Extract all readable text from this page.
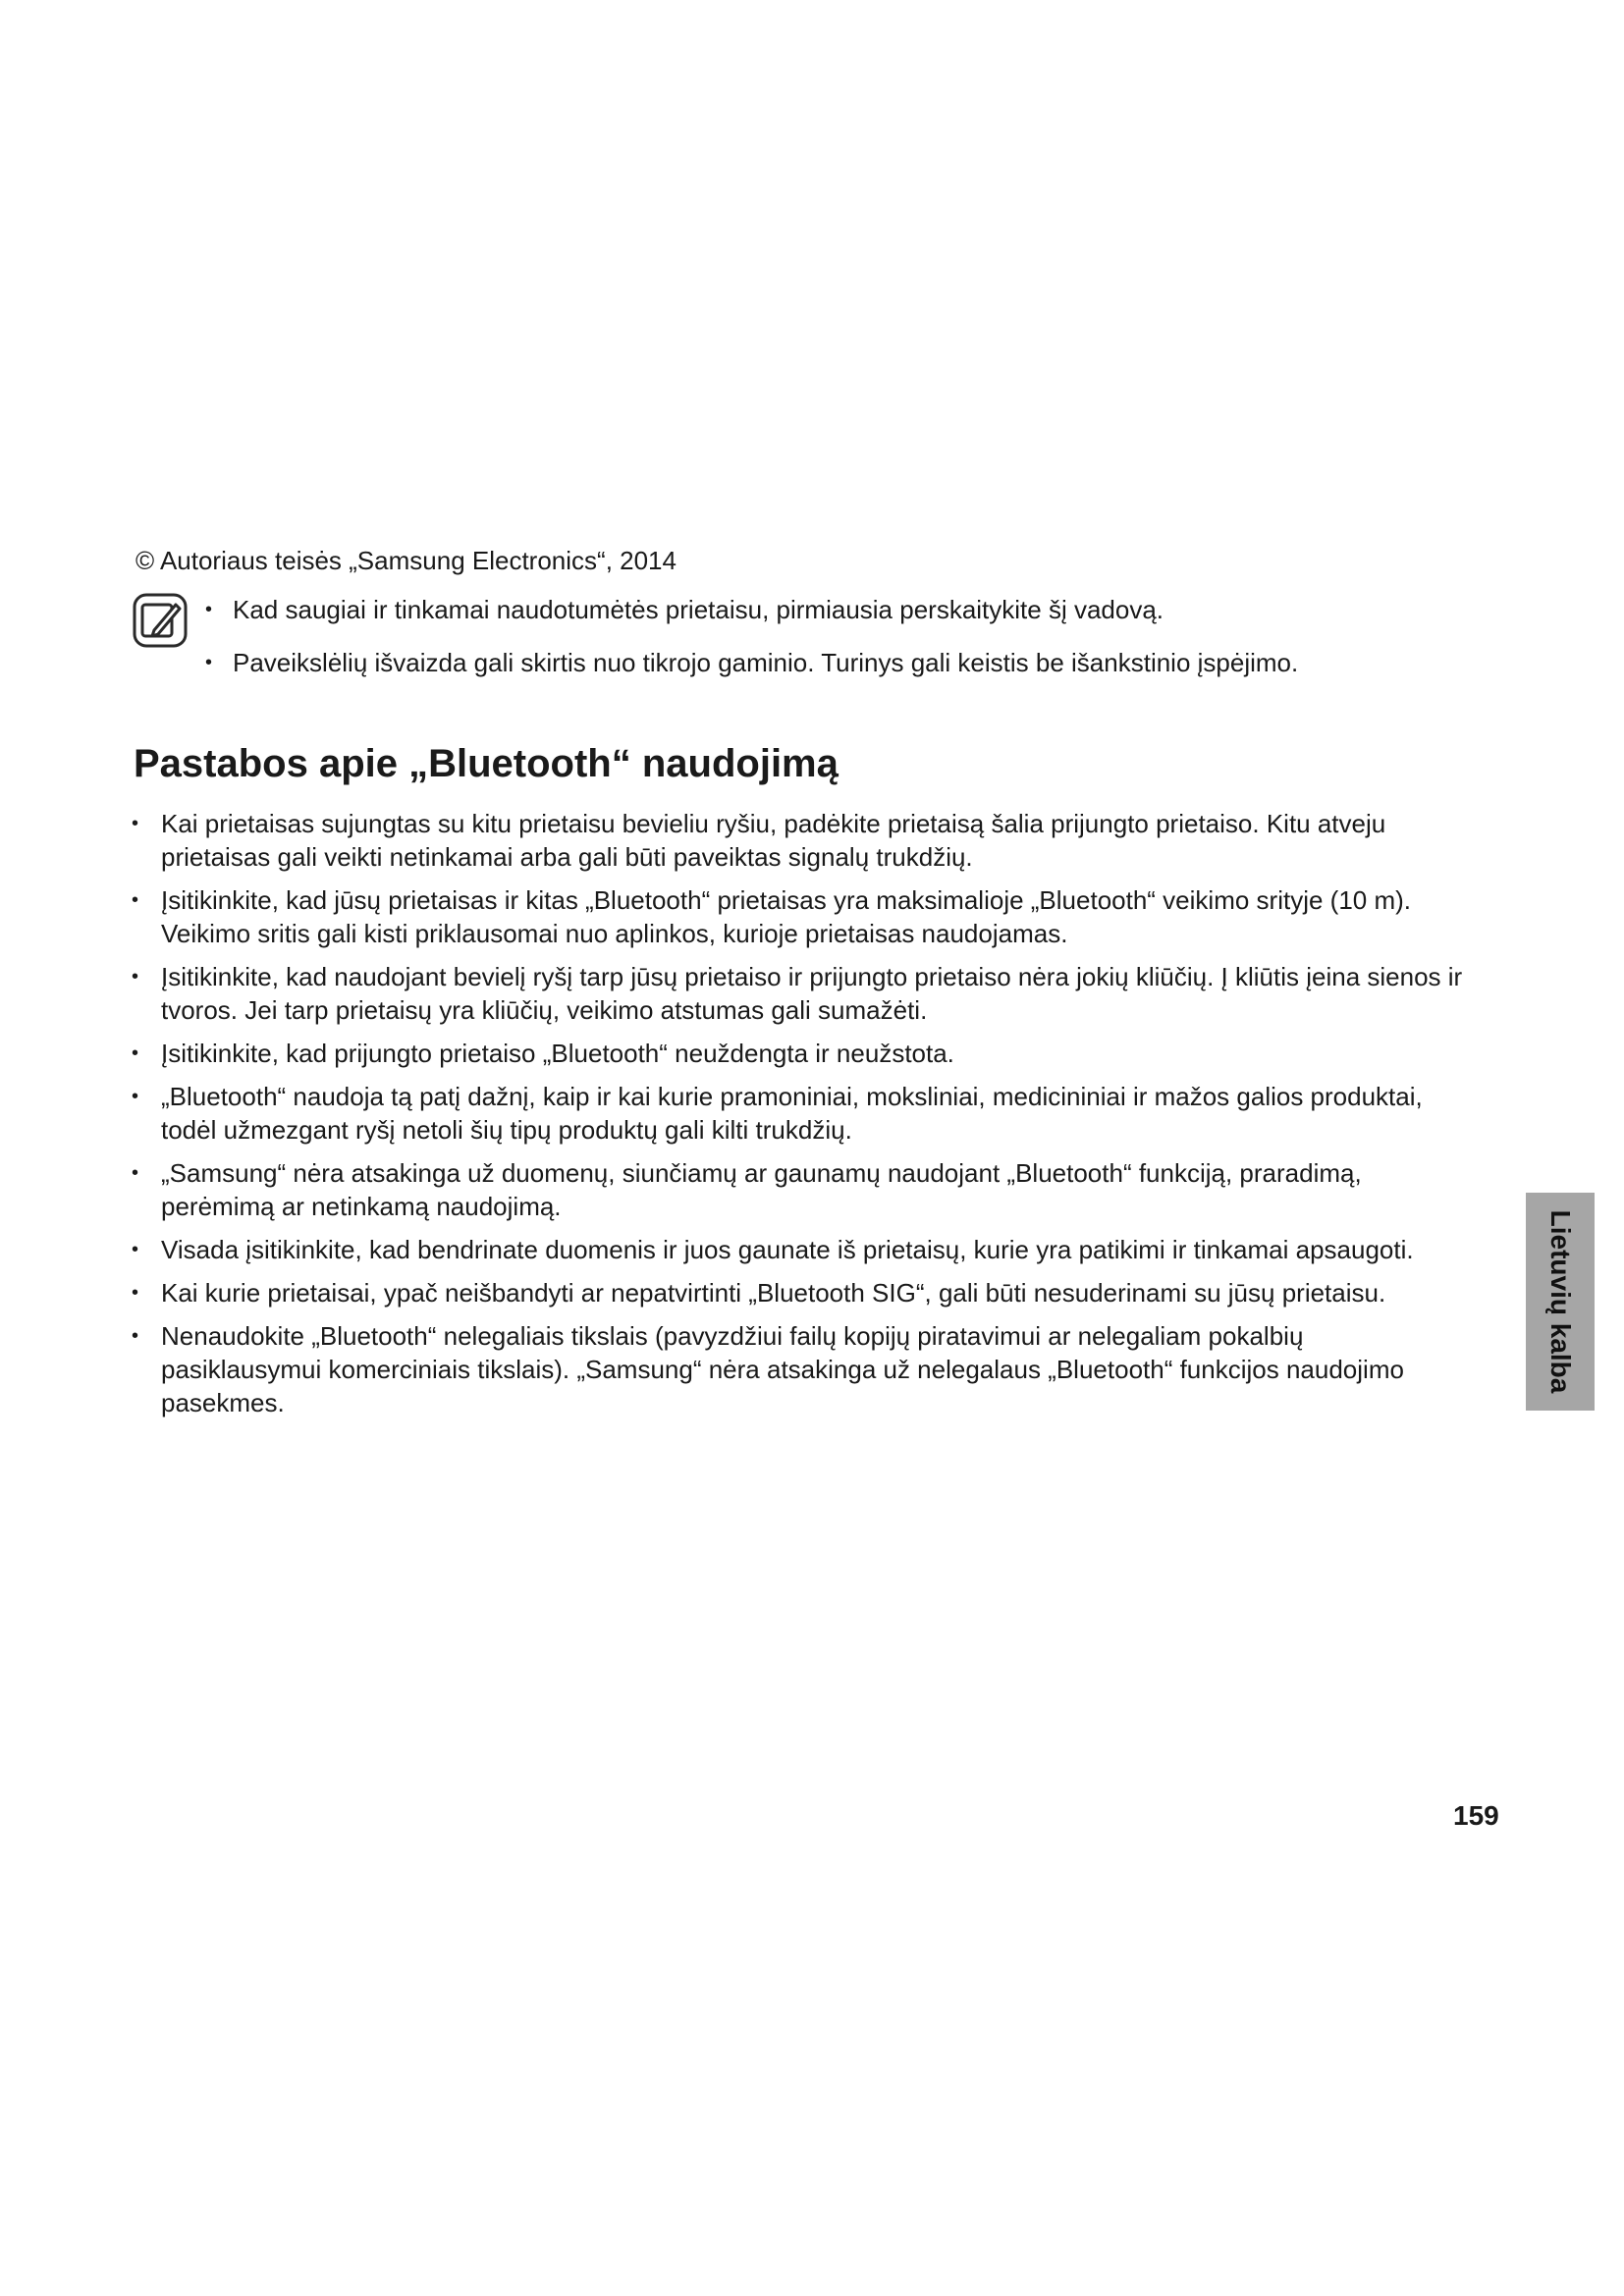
© Autoriaus teisės „Samsung Electronics“, 2014
• Kad saugiai ir tinkamai naudotumėtės prietaisu, pirmiausia perskaitykite šį vadovą.
• Paveikslėlių išvaizda gali skirtis nuo tikrojo gaminio. Turinys gali keistis be išankstinio įspėjimo.
Pastabos apie „Bluetooth“ naudojimą
• Kai prietaisas sujungtas su kitu prietaisu bevieliu ryšiu, padėkite prietaisą šalia prijungto prietaiso. Kitu atveju
prietaisas gali veikti netinkamai arba gali būti paveiktas signalų trukdžių.
• Įsitikinkite, kad jūsų prietaisas ir kitas „Bluetooth“ prietaisas yra maksimalioje „Bluetooth“ veikimo srityje (10 m).
Veikimo sritis gali kisti priklausomai nuo aplinkos, kurioje prietaisas naudojamas.
• Įsitikinkite, kad naudojant bevielį ryšį tarp jūsų prietaiso ir prijungto prietaiso nėra jokių kliūčių. Į kliūtis įeina sienos ir
tvoros. Jei tarp prietaisų yra kliūčių, veikimo atstumas gali sumažėti.
• Įsitikinkite, kad prijungto prietaiso „Bluetooth“ neuždengta ir neužstota.
• „Bluetooth“ naudoja tą patį dažnį, kaip ir kai kurie pramoniniai, moksliniai, medicininiai ir mažos galios produktai,
todėl užmezgant ryšį netoli šių tipų produktų gali kilti trukdžių.
• „Samsung“ nėra atsakinga už duomenų, siunčiamų ar gaunamų naudojant „Bluetooth“ funkciją, praradimą,
perėmimą ar netinkamą naudojimą.
• Visada įsitikinkite, kad bendrinate duomenis ir juos gaunate iš prietaisų, kurie yra patikimi ir tinkamai apsaugoti.
• Kai kurie prietaisai, ypač neišbandyti ar nepatvirtinti „Bluetooth SIG“, gali būti nesuderinami su jūsų prietaisu.
• Nenaudokite „Bluetooth“ nelegaliais tikslais (pavyzdžiui failų kopijų piratavimui ar nelegaliam pokalbių
pasiklausymui komerciniais tikslais). „Samsung“ nėra atsakinga už nelegalaus „Bluetooth“ funkcijos naudojimo
pasekmes.
Lietuvių kalba
159
